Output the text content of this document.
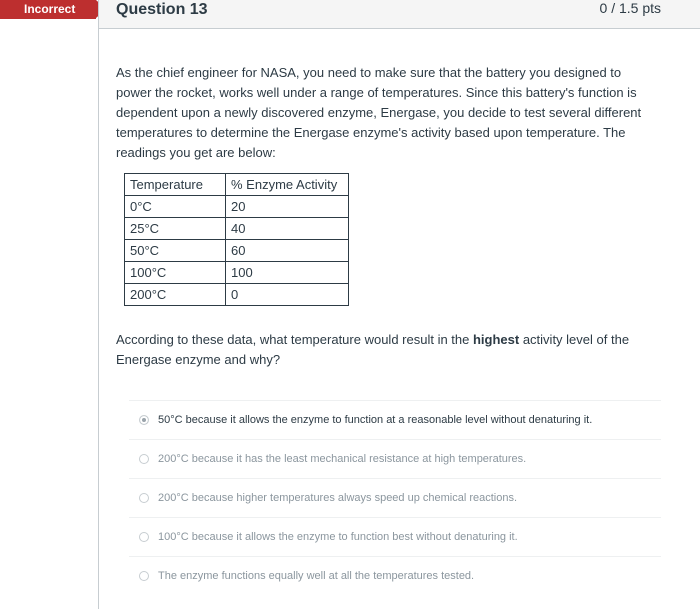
Incorrect	Question 13	0 / 1.5 pts
As the chief engineer for NASA, you need to make sure that the battery you designed to power the rocket, works well under a range of temperatures. Since this battery's function is dependent upon a newly discovered enzyme, Energase, you decide to test several different temperatures to determine the Energase enzyme's activity based upon temperature. The readings you get are below:
Temperature	% Enzyme Activity
0°C	20
25°C	40
50°C	60
100°C	100
200°C	0
According to these data, what temperature would result in the highest activity level of the Energase enzyme and why?
50°C because it allows the enzyme to function at a reasonable level without denaturing it.
200°C because it has the least mechanical resistance at high temperatures.
200°C because higher temperatures always speed up chemical reactions.
100°C because it allows the enzyme to function best without denaturing it.
The enzyme functions equally well at all the temperatures tested.
